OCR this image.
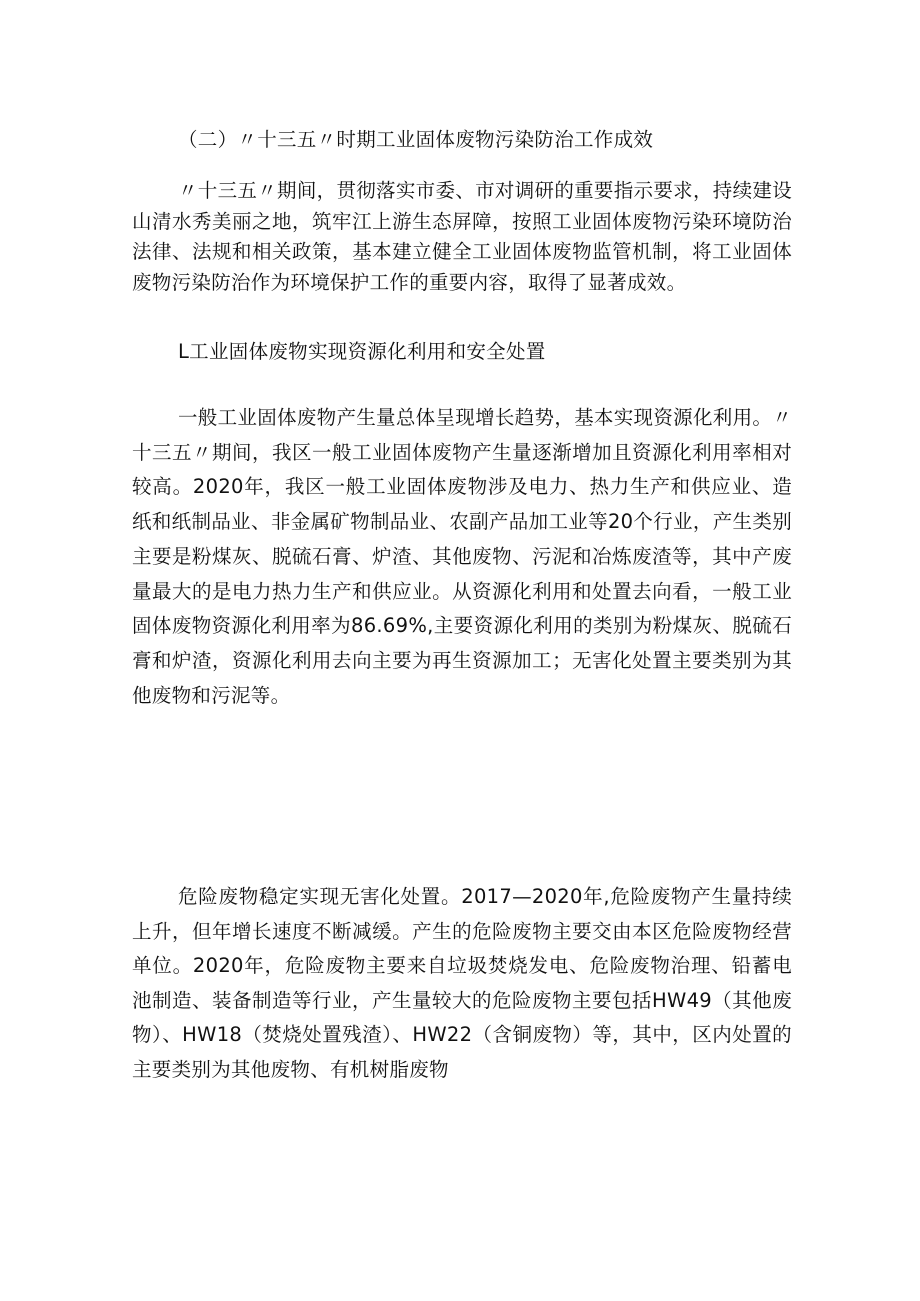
（二）〃十三五〃时期工业固体废物污染防治工作成效

〃十三五〃期间，贯彻落实市委、市对调研的重要指示要求，持续建设山清水秀美丽之地，筑牢江上游生态屏障，按照工业固体废物污染环境防治法律、法规和相关政策，基本建立健全工业固体废物监管机制，将工业固体废物污染防治作为环境保护工作的重要内容，取得了显著成效。

L工业固体废物实现资源化利用和安全处置

一般工业固体废物产生量总体呈现增长趋势，基本实现资源化利用。〃十三五〃期间，我区一般工业固体废物产生量逐渐增加且资源化利用率相对较高。2020年，我区一般工业固体废物涉及电力、热力生产和供应业、造纸和纸制品业、非金属矿物制品业、农副产品加工业等20个行业，产生类别主要是粉煤灰、脱硫石膏、炉渣、其他废物、污泥和冶炼废渣等，其中产废量最大的是电力热力生产和供应业。从资源化利用和处置去向看，一般工业固体废物资源化利用率为86.69%,主要资源化利用的类别为粉煤灰、脱硫石膏和炉渣，资源化利用去向主要为再生资源加工；无害化处置主要类别为其他废物和污泥等。

危险废物稳定实现无害化处置。2017—2020年,危险废物产生量持续上升，但年增长速度不断减缓。产生的危险废物主要交由本区危险废物经营单位。2020年，危险废物主要来自垃圾焚烧发电、危险废物治理、铅蓄电池制造、装备制造等行业，产生量较大的危险废物主要包括HW49（其他废物）、HW18（焚烧处置残渣）、HW22（含铜废物）等，其中，区内处置的主要类别为其他废物、有机树脂废物
